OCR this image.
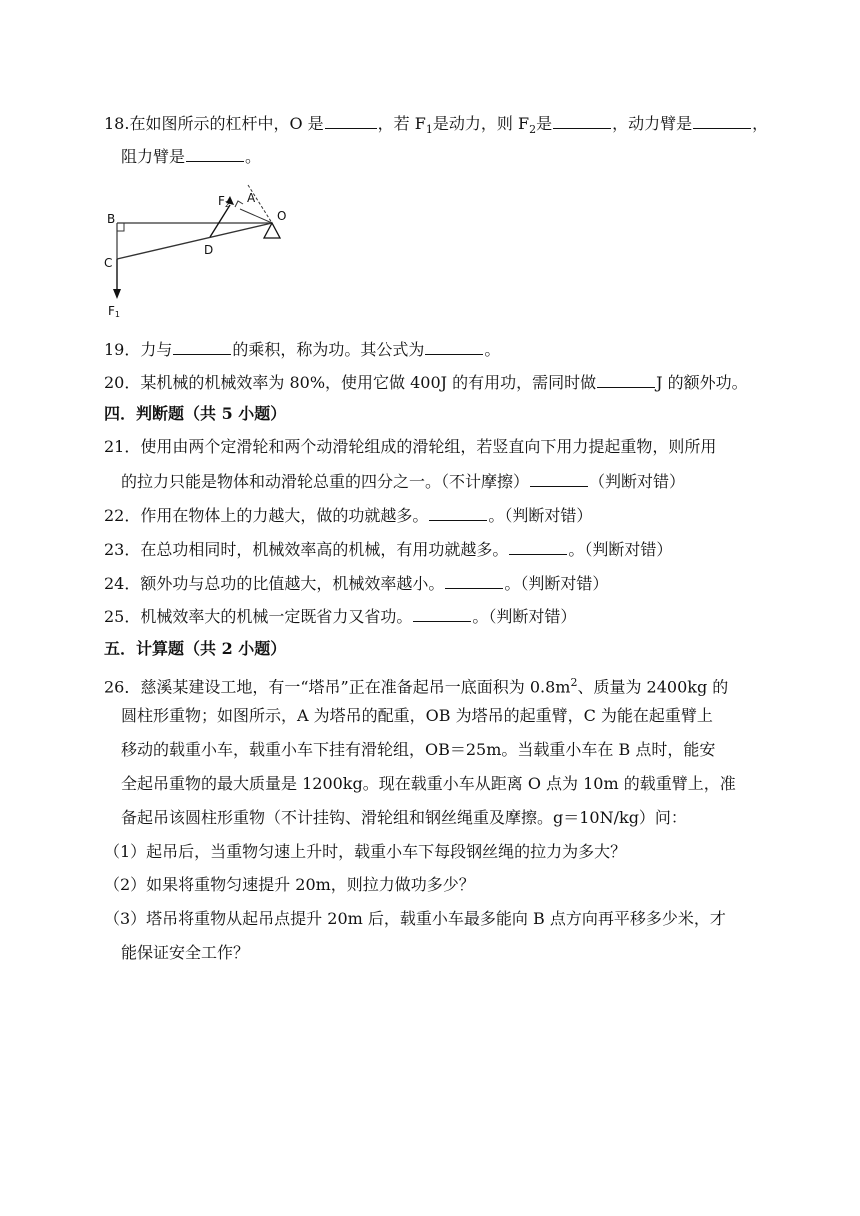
18.在如图所示的杠杆中，O 是	，若 $F_1$是动力，则 $F_2$是	，动力臂是	，
阻力臂是	。
B
C
D
O
A
F1
F2
19．力与	的乘积，称为功。其公式为	。
20．某机械的机械效率为 80%，使用它做 400J 的有用功，需同时做	J 的额外功。
四．判断题（共 5 小题）
21．使用由两个定滑轮和两个动滑轮组成的滑轮组，若竖直向下用力提起重物，则所用
的拉力只能是物体和动滑轮总重的四分之一。（不计摩擦）	（判断对错）
22．作用在物体上的力越大，做的功就越多。	。（判断对错）
23．在总功相同时，机械效率高的机械，有用功就越多。	。（判断对错）
24．额外功与总功的比值越大，机械效率越小。	。（判断对错）
25．机械效率大的机械一定既省力又省功。	。（判断对错）
五．计算题（共 2 小题）
26．慈溪某建设工地，有一“塔吊”正在准备起吊一底面积为 $0.8m^2$、质量为 2400kg 的
圆柱形重物；如图所示，A 为塔吊的配重，OB 为塔吊的起重臂，C 为能在起重臂上
移动的载重小车，载重小车下挂有滑轮组，OB＝25m。当载重小车在 B 点时，能安
全起吊重物的最大质量是 1200kg。现在载重小车从距离 O 点为 10m 的载重臂上，准
备起吊该圆柱形重物（不计挂钩、滑轮组和钢丝绳重及摩擦。g＝10N/kg）问：
（1）起吊后，当重物匀速上升时，载重小车下每段钢丝绳的拉力为多大？
（2）如果将重物匀速提升 20m，则拉力做功多少？
（3）塔吊将重物从起吊点提升 20m 后，载重小车最多能向 B 点方向再平移多少米，才
能保证安全工作？
